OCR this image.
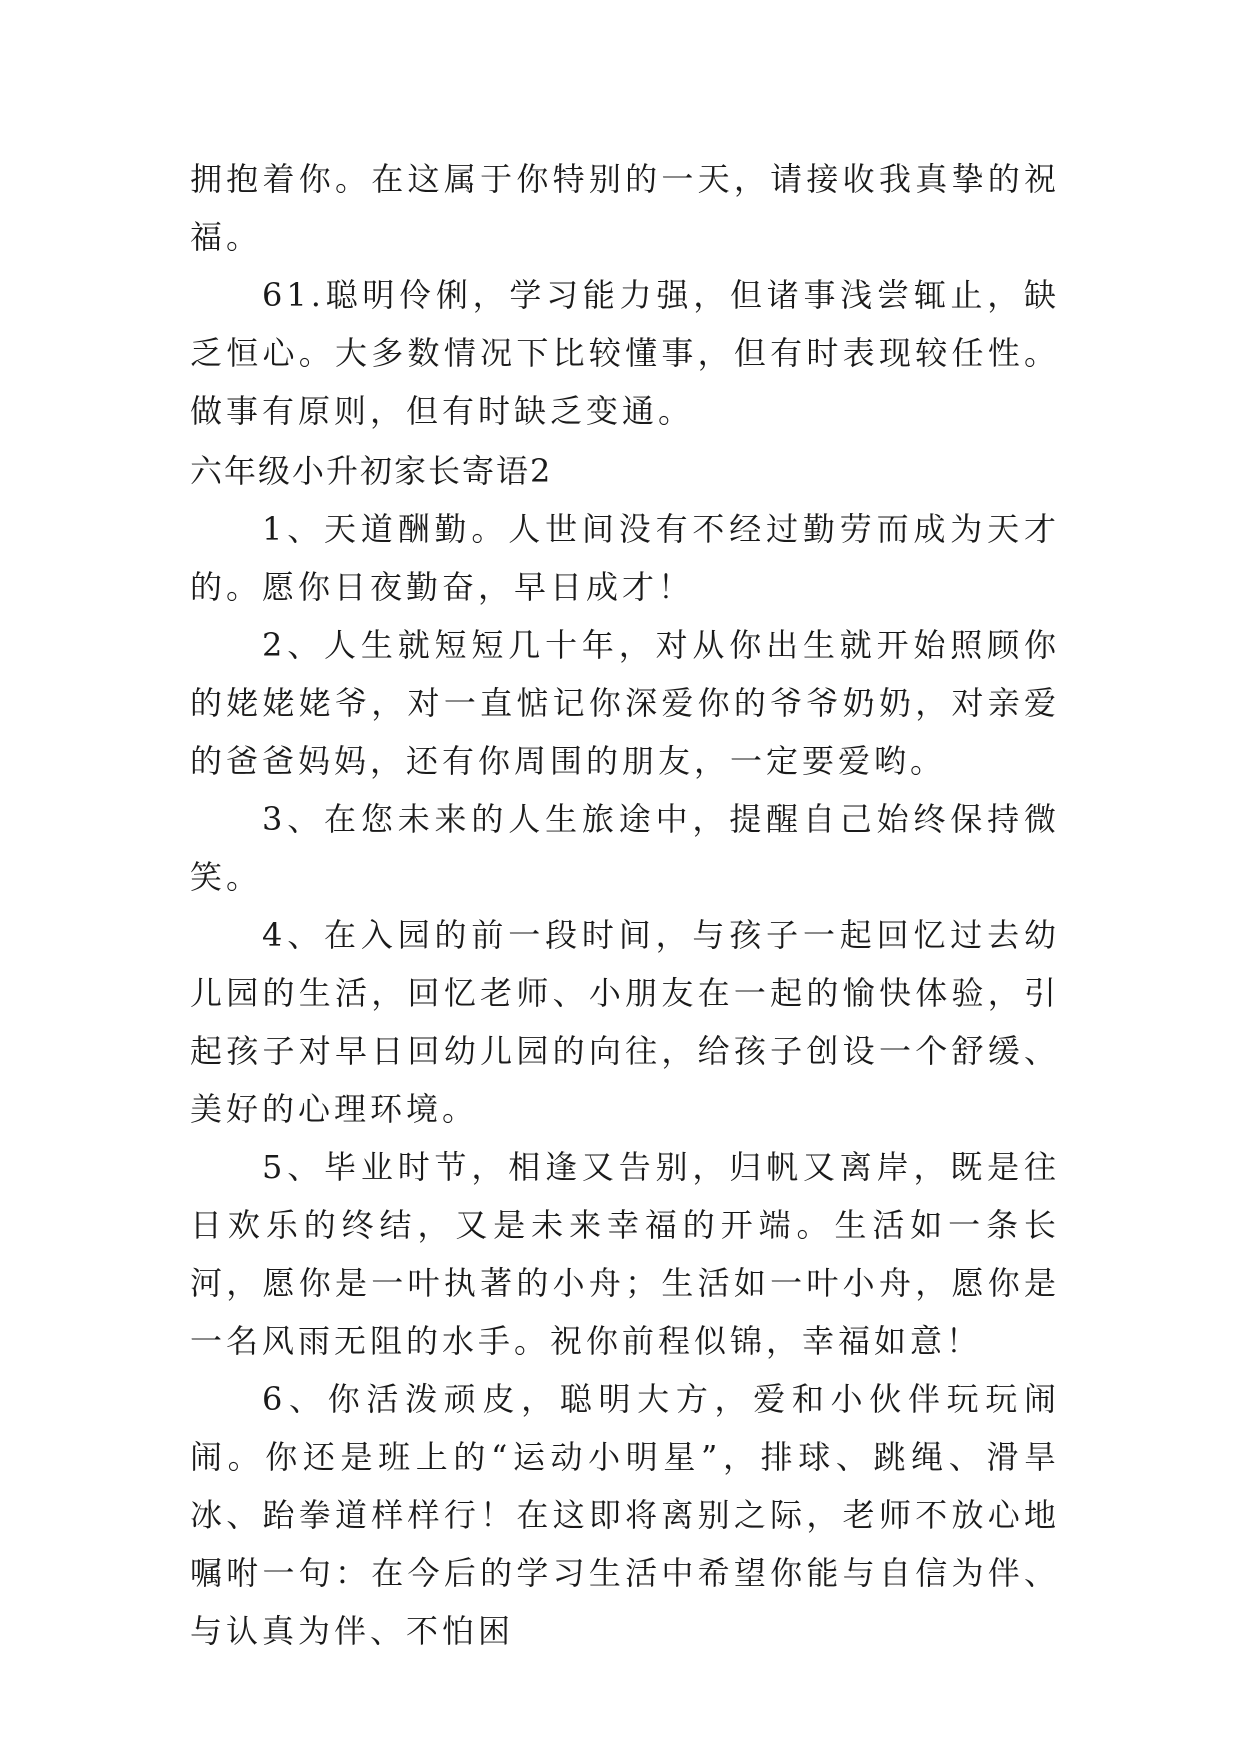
拥抱着你。在这属于你特别的一天，请接收我真挚的祝福。

61.聪明伶俐，学习能力强，但诸事浅尝辄止，缺乏恒心。大多数情况下比较懂事，但有时表现较任性。做事有原则，但有时缺乏变通。

六年级小升初家长寄语2

1、天道酬勤。人世间没有不经过勤劳而成为天才的。愿你日夜勤奋，早日成才！

2、人生就短短几十年，对从你出生就开始照顾你的姥姥姥爷，对一直惦记你深爱你的爷爷奶奶，对亲爱的爸爸妈妈，还有你周围的朋友，一定要爱哟。

3、在您未来的人生旅途中，提醒自己始终保持微笑。

4、在入园的前一段时间，与孩子一起回忆过去幼儿园的生活，回忆老师、小朋友在一起的愉快体验，引起孩子对早日回幼儿园的向往，给孩子创设一个舒缓、美好的心理环境。

5、毕业时节，相逢又告别，归帆又离岸，既是往日欢乐的终结，又是未来幸福的开端。生活如一条长河，愿你是一叶执著的小舟；生活如一叶小舟，愿你是一名风雨无阻的水手。祝你前程似锦，幸福如意！

6、你活泼顽皮，聪明大方，爱和小伙伴玩玩闹闹。你还是班上的“运动小明星”，排球、跳绳、滑旱冰、跆拳道样样行！在这即将离别之际，老师不放心地嘱咐一句：在今后的学习生活中希望你能与自信为伴、与认真为伴、不怕困
